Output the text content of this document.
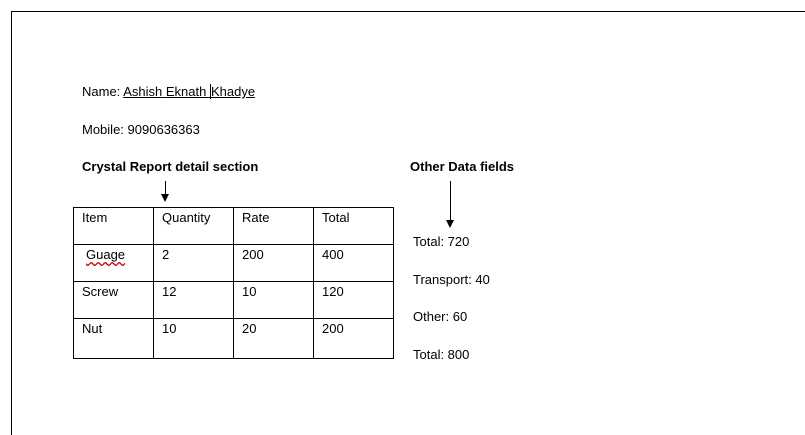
Name: Ashish Eknath Khadye
Mobile: 9090636363
Crystal Report detail section	Other Data fields
Item	Quantity	Rate	Total
Guage	2	200	400
Screw	12	10	120
Nut	10	20	200
Total: 720
Transport: 40
Other: 60
Total: 800
